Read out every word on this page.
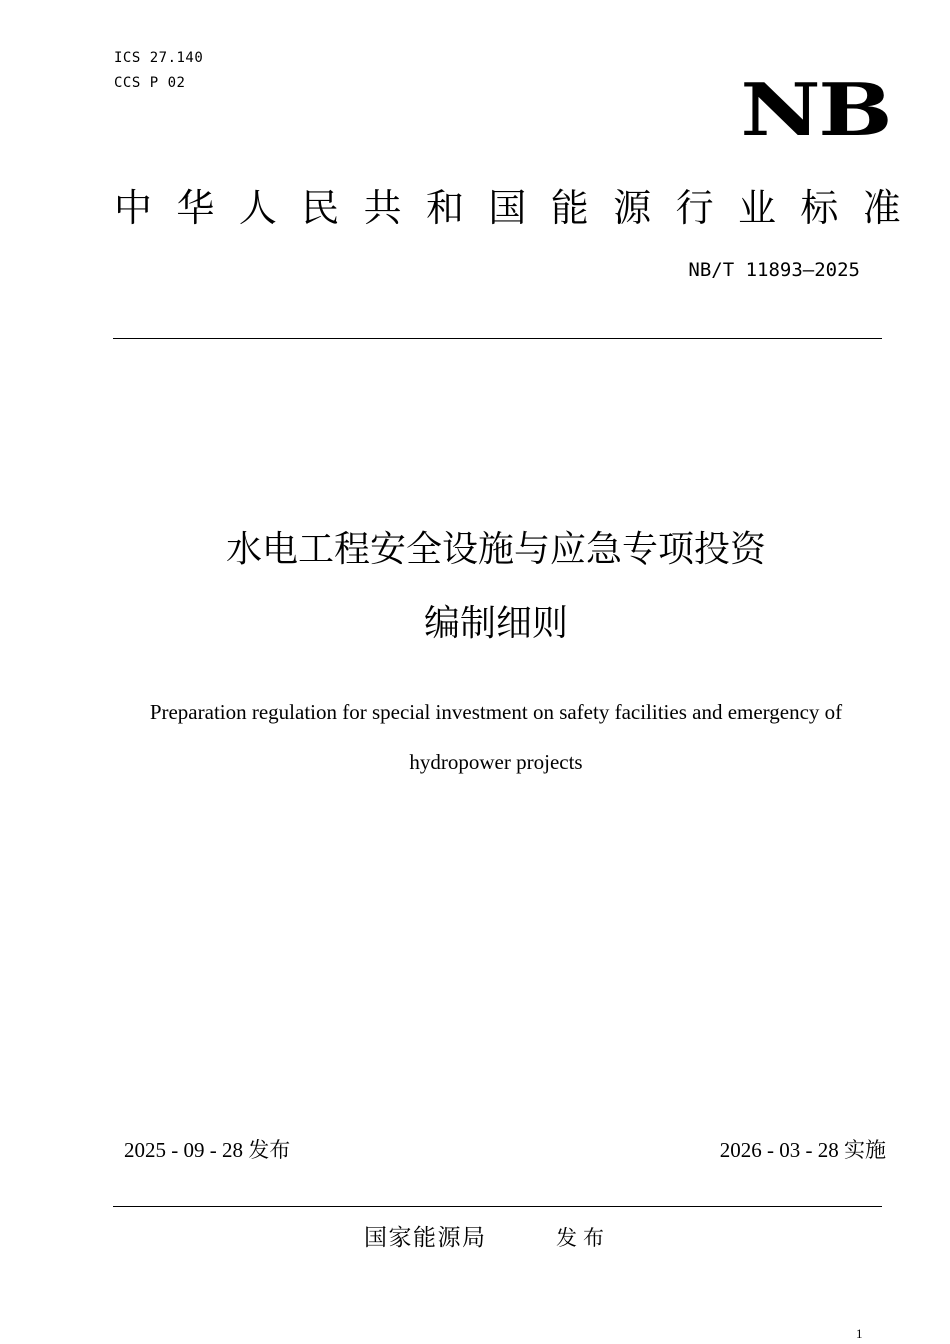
ICS 27.140
CCS P 02	NB
中华人民共和国能源行业标准
NB/T 11893—2025
水电工程安全设施与应急专项投资
编制细则
Preparation regulation for special investment on safety facilities and emergency of
hydropower projects
2025 - 09 - 28 发布	2026 - 03 - 28 实施
国家能源局	发布
1
